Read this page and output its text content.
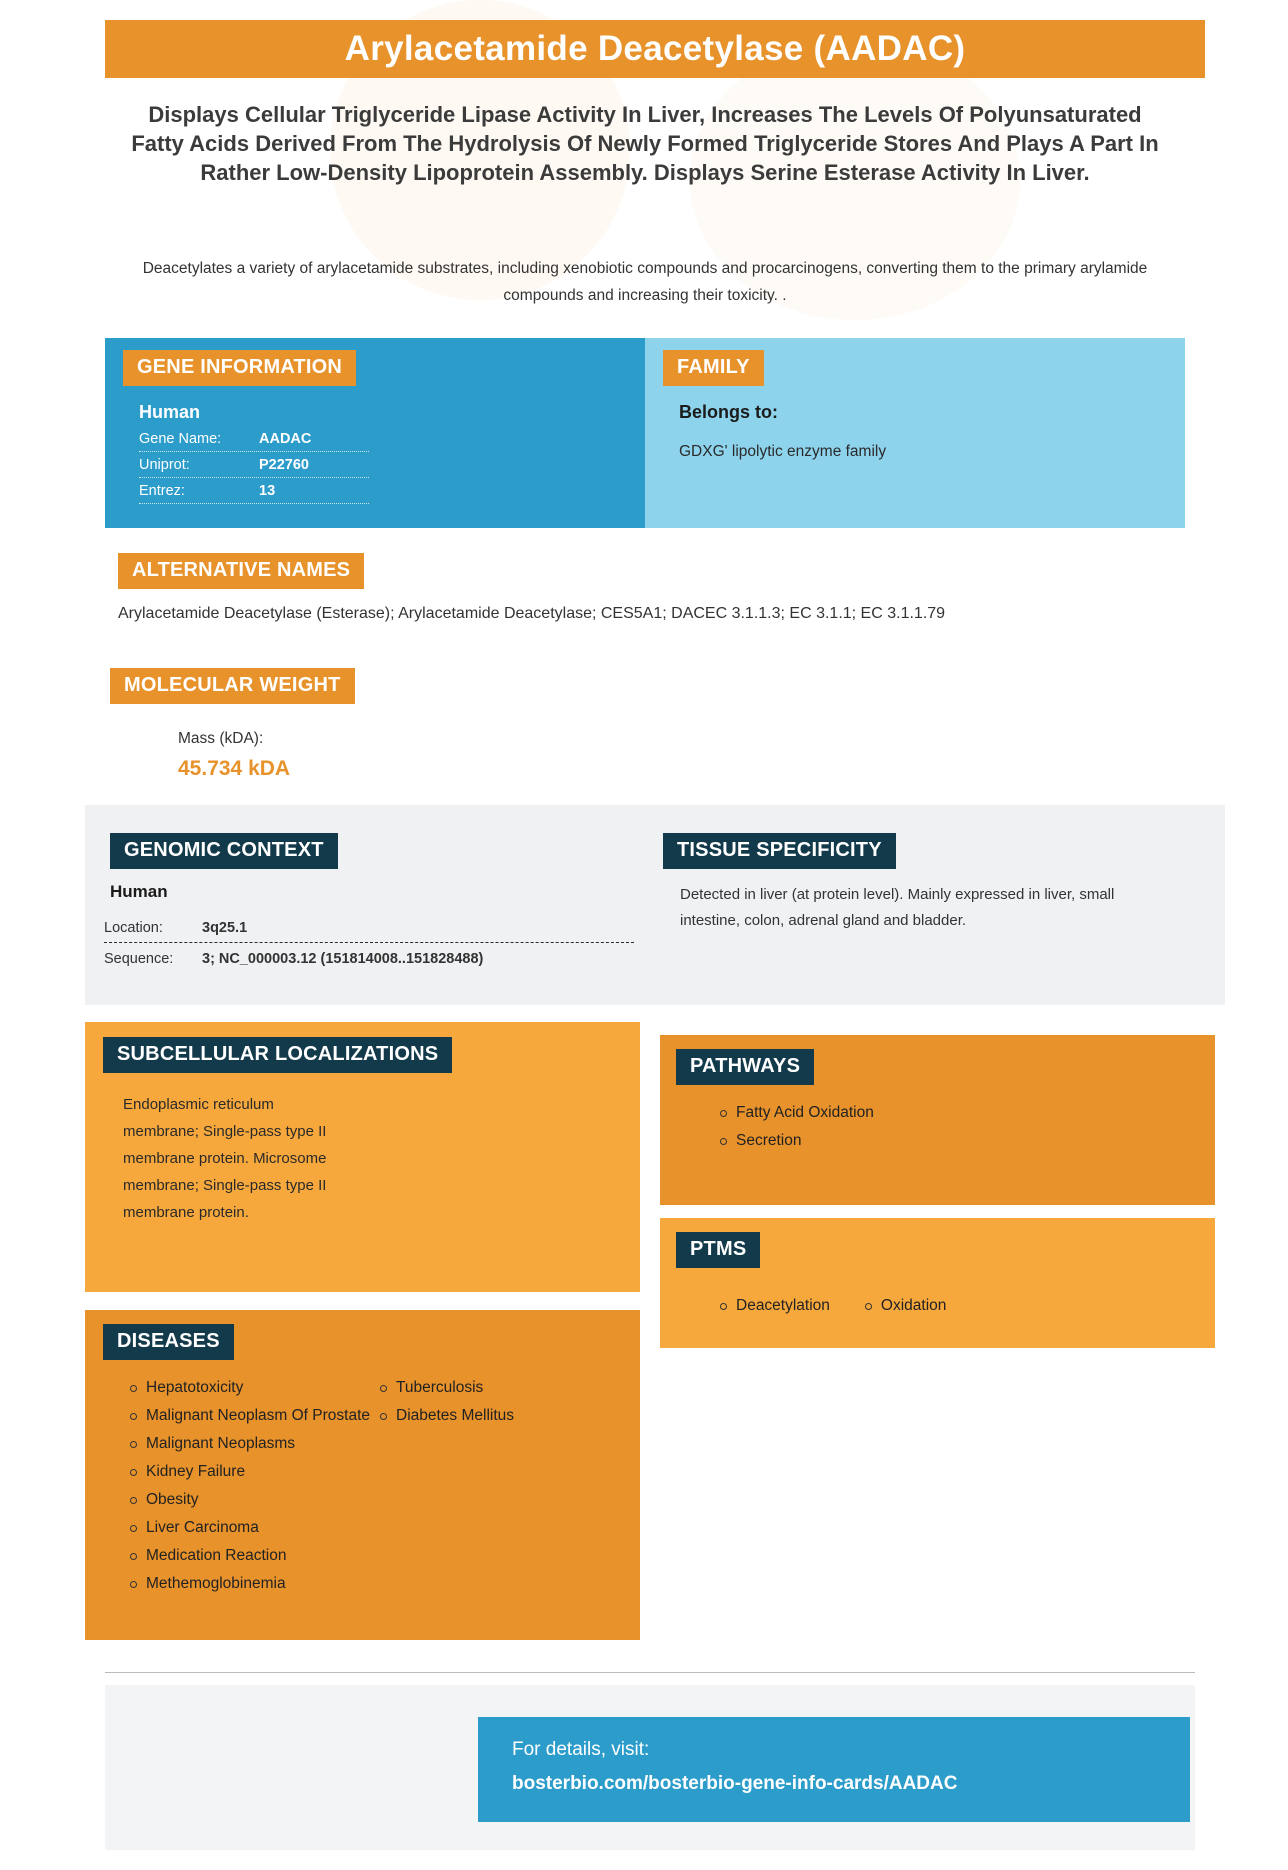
Arylacetamide Deacetylase (AADAC)
Displays Cellular Triglyceride Lipase Activity In Liver, Increases The Levels Of Polyunsaturated Fatty Acids Derived From The Hydrolysis Of Newly Formed Triglyceride Stores And Plays A Part In Rather Low-Density Lipoprotein Assembly. Displays Serine Esterase Activity In Liver.
Deacetylates a variety of arylacetamide substrates, including xenobiotic compounds and procarcinogens, converting them to the primary arylamide compounds and increasing their toxicity. .
GENE INFORMATION
Human
Gene Name:	AADAC
Uniprot:	P22760
Entrez:	13
FAMILY
Belongs to:
GDXG' lipolytic enzyme family
ALTERNATIVE NAMES
Arylacetamide Deacetylase (Esterase); Arylacetamide Deacetylase; CES5A1; DACEC 3.1.1.3; EC 3.1.1; EC 3.1.1.79
MOLECULAR WEIGHT
Mass (kDA):
45.734 kDA
GENOMIC CONTEXT
Human
Location:	3q25.1
Sequence:	3; NC_000003.12 (151814008..151828488)
TISSUE SPECIFICITY
Detected in liver (at protein level). Mainly expressed in liver, small intestine, colon, adrenal gland and bladder.
SUBCELLULAR LOCALIZATIONS
Endoplasmic reticulum membrane; Single-pass type II membrane protein. Microsome membrane; Single-pass type II membrane protein.
PATHWAYS
Fatty Acid Oxidation
Secretion
PTMS
Deacetylation	Oxidation
DISEASES
Hepatotoxicity
Malignant Neoplasm Of Prostate
Malignant Neoplasms
Kidney Failure
Obesity
Liver Carcinoma
Medication Reaction
Methemoglobinemia
Tuberculosis
Diabetes Mellitus
For details, visit:
bosterbio.com/bosterbio-gene-info-cards/AADAC
